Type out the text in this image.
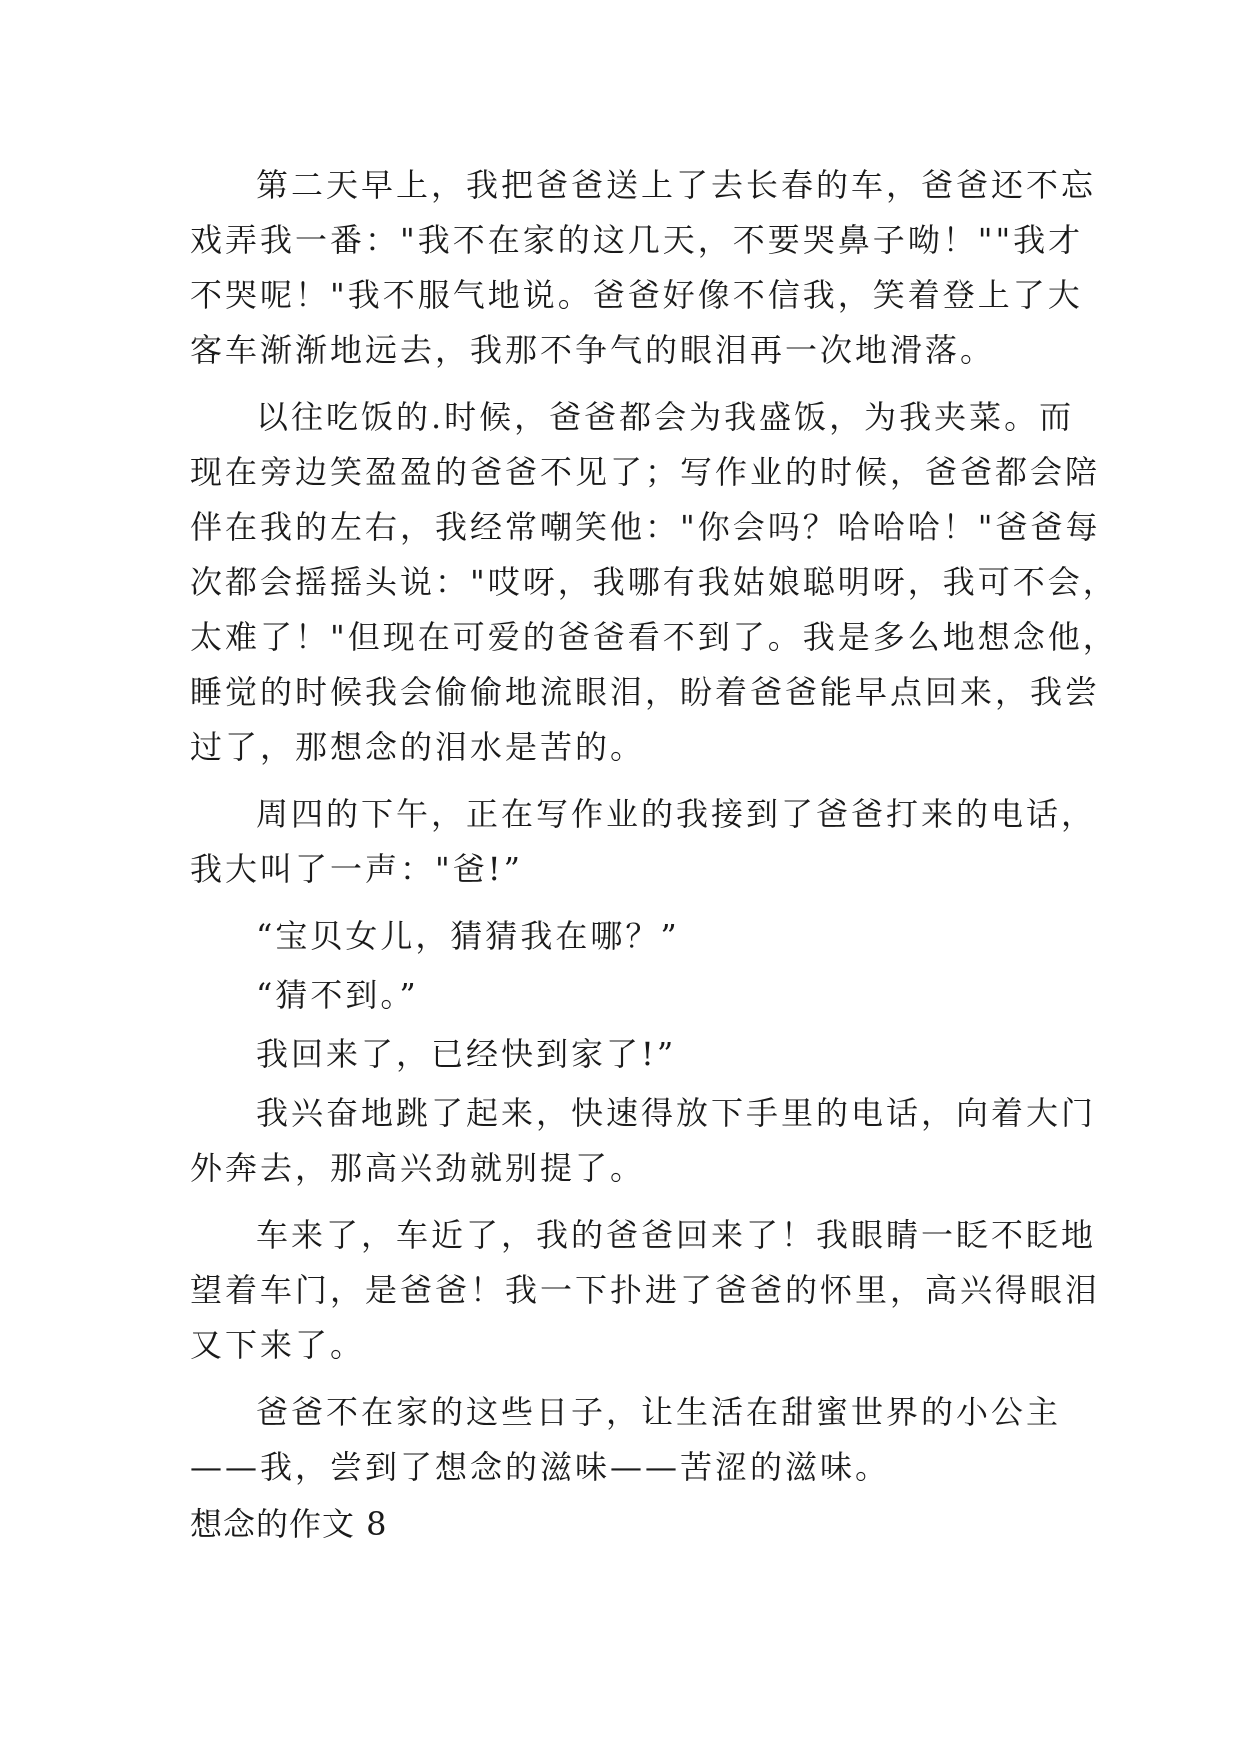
第二天早上，我把爸爸送上了去长春的车，爸爸还不忘
戏弄我一番："我不在家的这几天，不要哭鼻子呦！""我才
不哭呢！"我不服气地说。爸爸好像不信我，笑着登上了大
客车渐渐地远去，我那不争气的眼泪再一次地滑落。
以往吃饭的.时候，爸爸都会为我盛饭，为我夹菜。而
现在旁边笑盈盈的爸爸不见了；写作业的时候，爸爸都会陪
伴在我的左右，我经常嘲笑他："你会吗？哈哈哈！"爸爸每
次都会摇摇头说："哎呀，我哪有我姑娘聪明呀，我可不会，
太难了！"但现在可爱的爸爸看不到了。我是多么地想念他，
睡觉的时候我会偷偷地流眼泪，盼着爸爸能早点回来，我尝
过了，那想念的泪水是苦的。
周四的下午，正在写作业的我接到了爸爸打来的电话，
我大叫了一声："爸!”
“宝贝女儿，猜猜我在哪？”
“猜不到。”
我回来了，已经快到家了!”
我兴奋地跳了起来，快速得放下手里的电话，向着大门
外奔去，那高兴劲就别提了。
车来了，车近了，我的爸爸回来了！我眼睛一眨不眨地
望着车门，是爸爸！我一下扑进了爸爸的怀里，高兴得眼泪
又下来了。
爸爸不在家的这些日子，让生活在甜蜜世界的小公主
——我，尝到了想念的滋味——苦涩的滋味。
想念的作文 8
